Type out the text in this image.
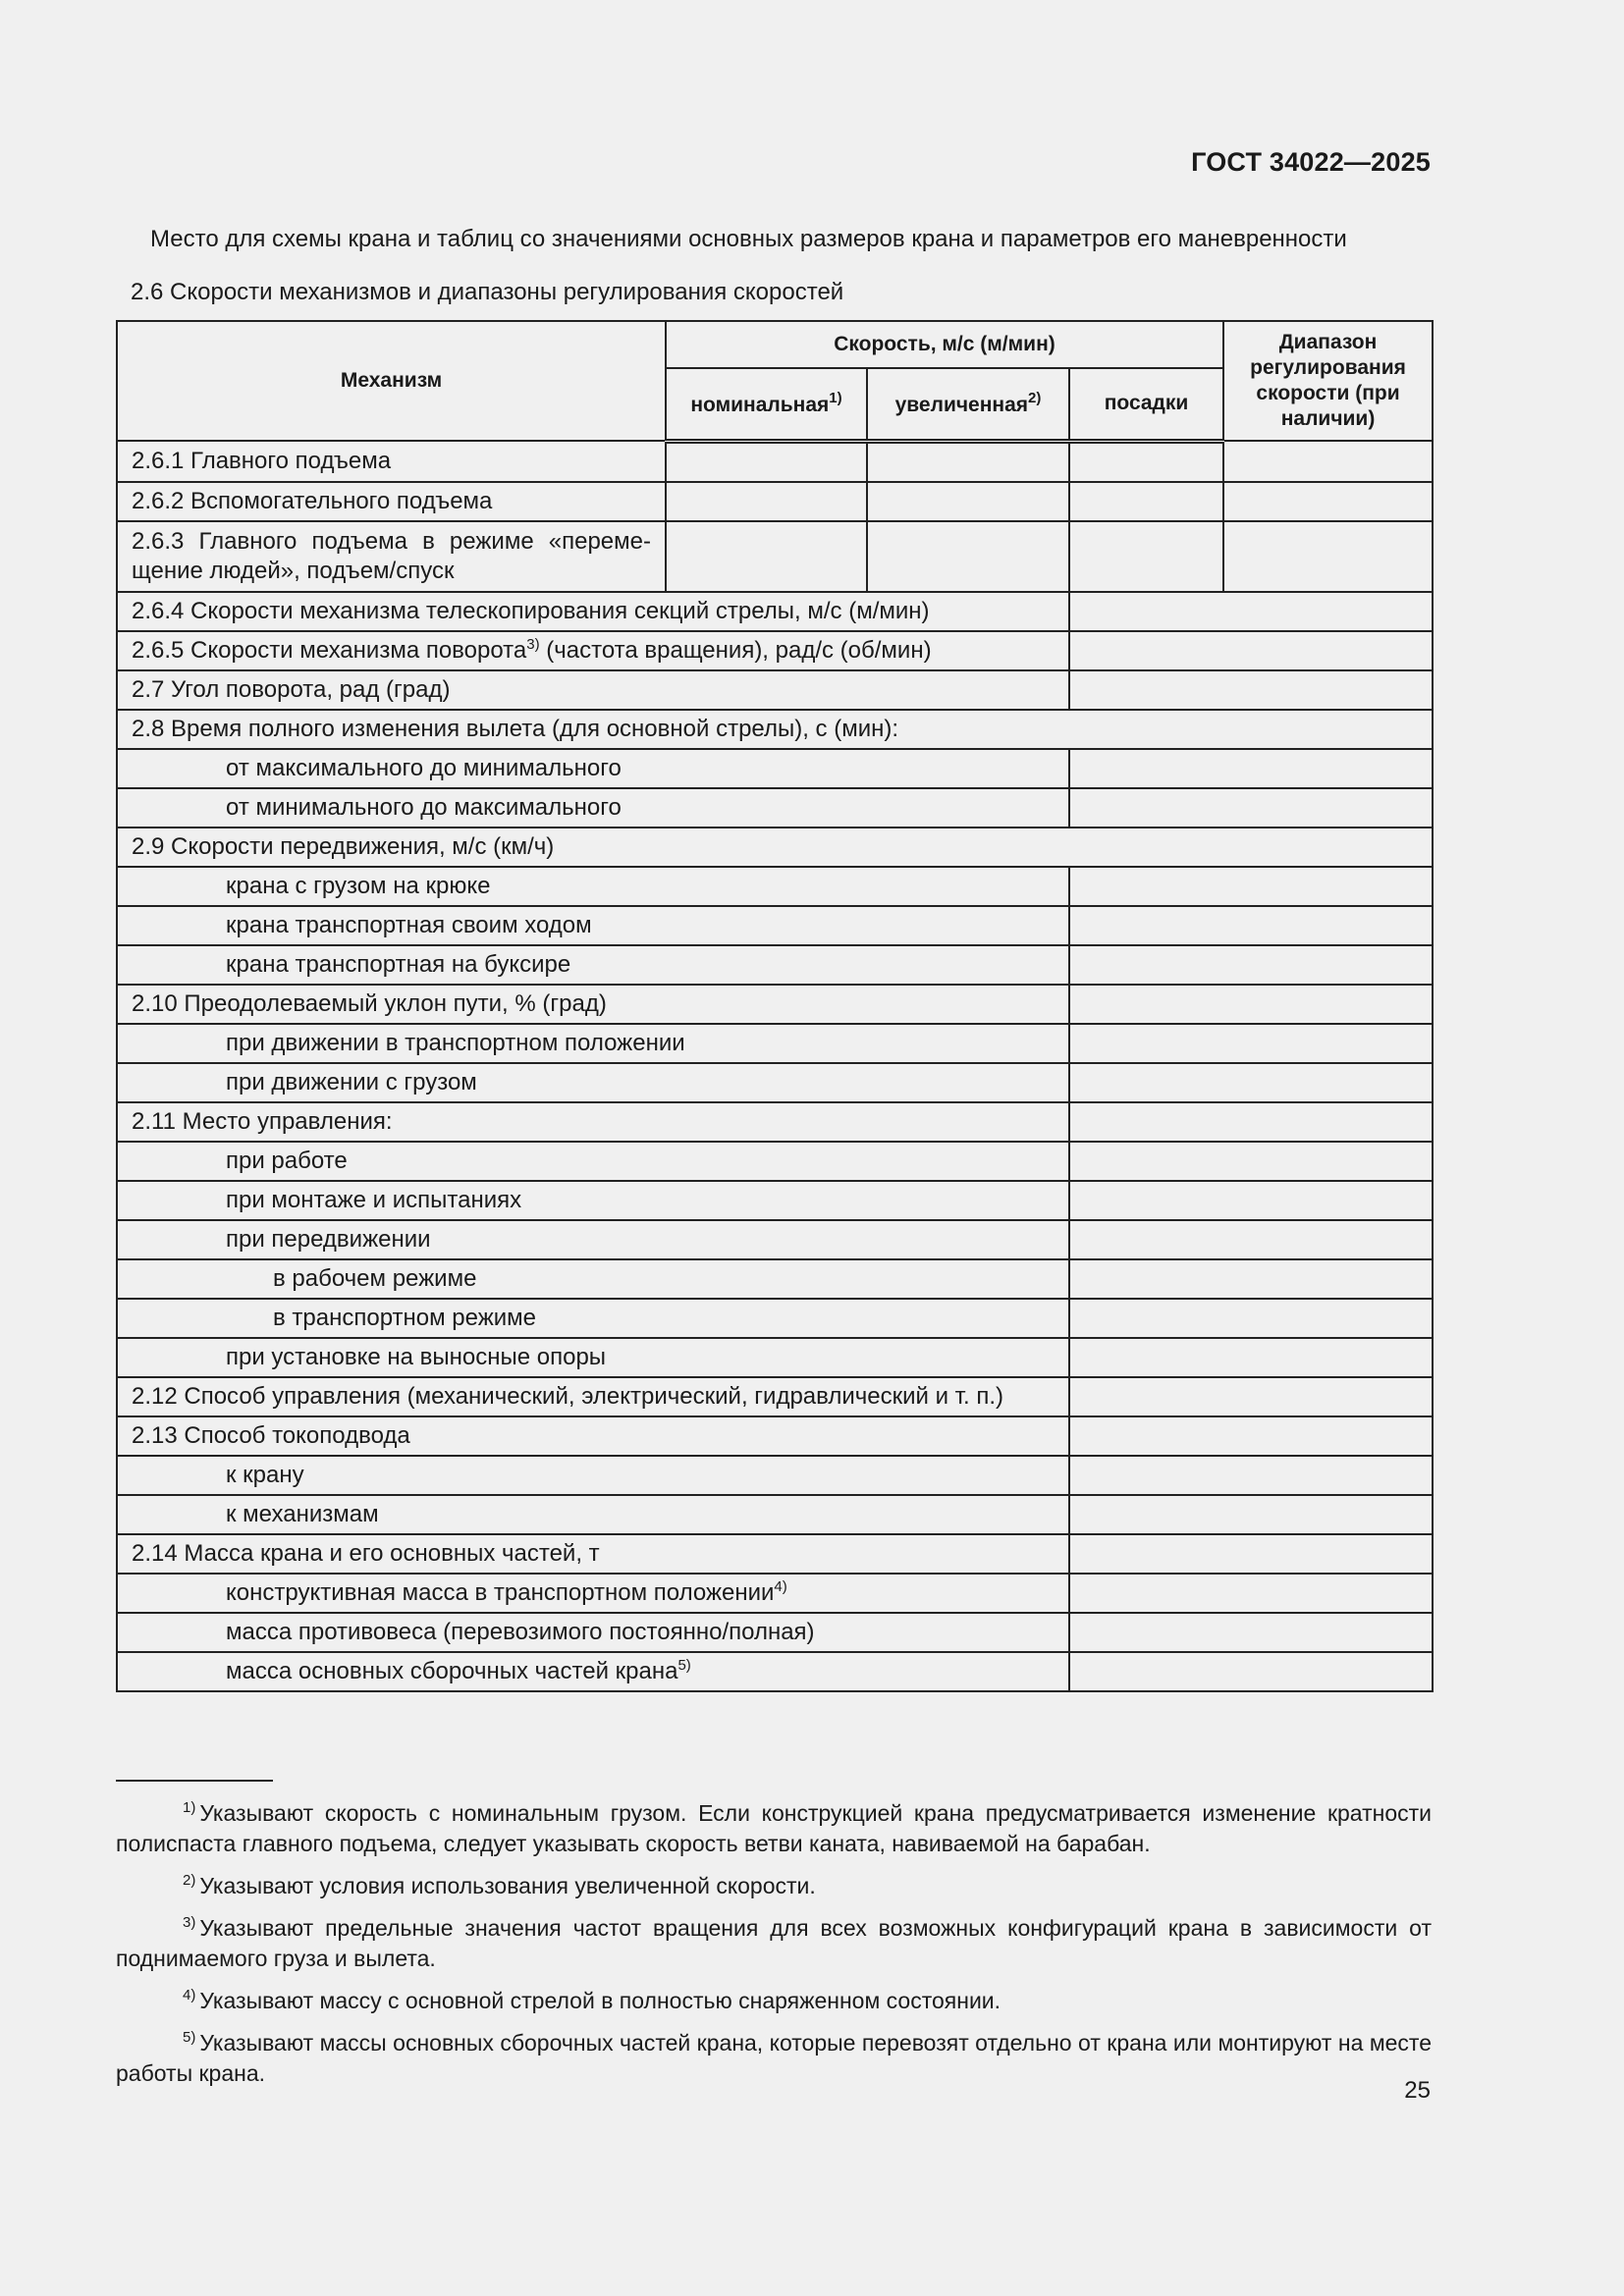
ГОСТ 34022—2025
Место для схемы крана и таблиц со значениями основных размеров крана и параметров его маневренности
2.6 Скорости механизмов и диапазоны регулирования скоростей
Механизм	Скорость, м/с (м/мин)			Диапазон регулирования скорости (при наличии)
	номинальная$^{1)}$	увеличенная$^{2)}$	посадки	
2.6.1 Главного подъема				
2.6.2 Вспомогательного подъема				
2.6.3 Главного подъема в режиме «перемещение людей», подъем/спуск				
2.6.4 Скорости механизма телескопирования секций стрелы, м/с (м/мин)				
2.6.5 Скорости механизма поворота$^{3)}$ (частота вращения), рад/с (об/мин)				
2.7 Угол поворота, рад (град)				
2.8 Время полного изменения вылета (для основной стрелы), с (мин):				
от максимального до минимального				
от минимального до максимального				
2.9 Скорости передвижения, м/с (км/ч)				
крана с грузом на крюке				
крана транспортная своим ходом				
крана транспортная на буксире				
2.10 Преодолеваемый уклон пути, % (град)				
при движении в транспортном положении				
при движении с грузом				
2.11 Место управления:				
при работе				
при монтаже и испытаниях				
при передвижении				
в рабочем режиме				
в транспортном режиме				
при установке на выносные опоры				
2.12 Способ управления (механический, электрический, гидравлический и т. п.)				
2.13 Способ токоподвода				
к крану				
к механизмам				
2.14 Масса крана и его основных частей, т				
конструктивная масса в транспортном положении$^{4)}$	
масса противовеса (перевозимого постоянно/полная)				
масса основных сборочных частей крана$^{5)}$	

$^{1)}$ Указывают скорость с номинальным грузом. Если конструкцией крана предусматривается изменение кратности полиспаста главного подъема, следует указывать скорость ветви каната, навиваемой на барабан.

$^{2)}$ Указывают условия использования увеличенной скорости.

$^{3)}$ Указывают предельные значения частот вращения для всех возможных конфигураций крана в зависимости от поднимаемого груза и вылета.

$^{4)}$ Указывают массу с основной стрелой в полностью снаряженном состоянии.

$^{5)}$ Указывают массы основных сборочных частей крана, которые перевозят отдельно от крана или монтируют на месте работы крана.

25
